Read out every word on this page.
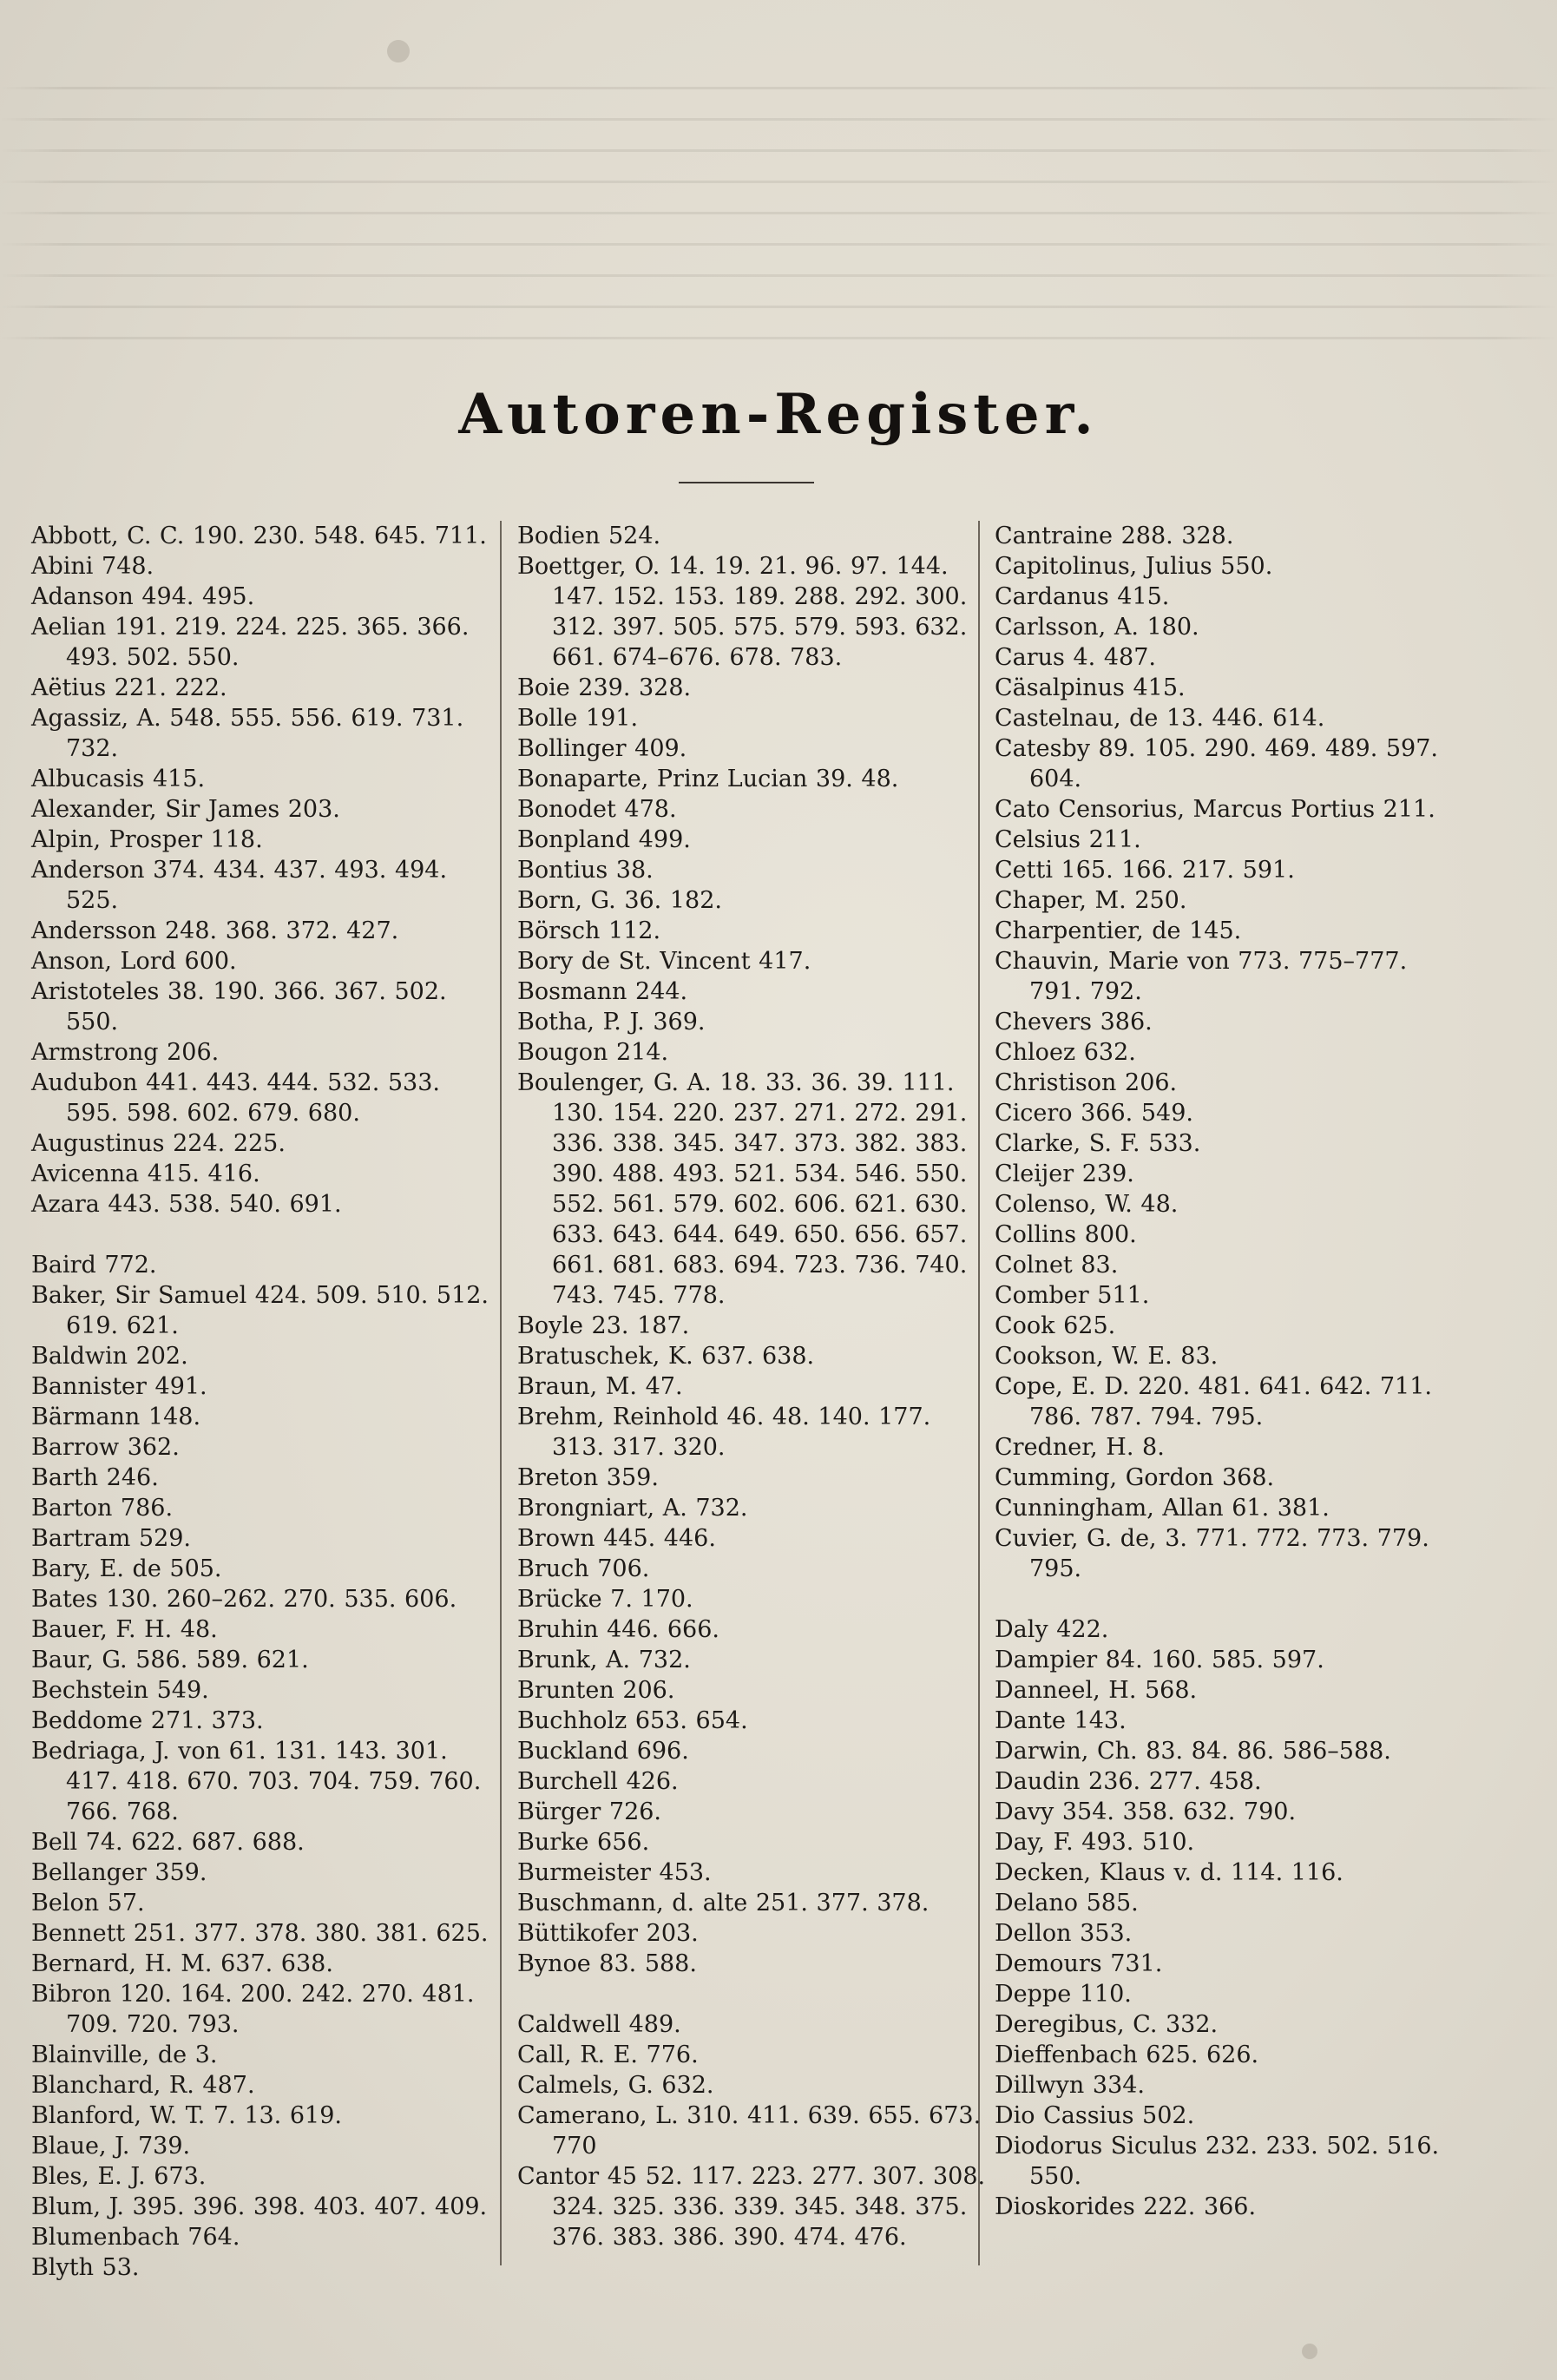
Autoren-Register.
Abbott, C. C. 190. 230. 548. 645. 711.
Abini 748.
Adanson 494. 495.
Aelian 191. 219. 224. 225. 365. 366. 493. 502. 550.
Aëtius 221. 222.
Agassiz, A. 548. 555. 556. 619. 731. 732.
Albucasis 415.
Alexander, Sir James 203.
Alpin, Prosper 118.
Anderson 374. 434. 437. 493. 494. 525.
Andersson 248. 368. 372. 427.
Anson, Lord 600.
Aristoteles 38. 190. 366. 367. 502. 550.
Armstrong 206.
Audubon 441. 443. 444. 532. 533. 595. 598. 602. 679. 680.
Augustinus 224. 225.
Avicenna 415. 416.
Azara 443. 538. 540. 691.
Baird 772.
Baker, Sir Samuel 424. 509. 510. 512. 619. 621.
Baldwin 202.
Bannister 491.
Bärmann 148.
Barrow 362.
Barth 246.
Barton 786.
Bartram 529.
Bary, E. de 505.
Bates 130. 260–262. 270. 535. 606.
Bauer, F. H. 48.
Baur, G. 586. 589. 621.
Bechstein 549.
Beddome 271. 373.
Bedriaga, J. von 61. 131. 143. 301. 417. 418. 670. 703. 704. 759. 760. 766. 768.
Bell 74. 622. 687. 688.
Bellanger 359.
Belon 57.
Bennett 251. 377. 378. 380. 381. 625.
Bernard, H. M. 637. 638.
Bibron 120. 164. 200. 242. 270. 481. 709. 720. 793.
Blainville, de 3.
Blanchard, R. 487.
Blanford, W. T. 7. 13. 619.
Blaue, J. 739.
Bles, E. J. 673.
Blum, J. 395. 396. 398. 403. 407. 409.
Blumenbach 764.
Blyth 53.
Bodien 524.
Boettger, O. 14. 19. 21. 96. 97. 144. 147. 152. 153. 189. 288. 292. 300. 312. 397. 505. 575. 579. 593. 632. 661. 674–676. 678. 783.
Boie 239. 328.
Bolle 191.
Bollinger 409.
Bonaparte, Prinz Lucian 39. 48.
Bonodet 478.
Bonpland 499.
Bontius 38.
Born, G. 36. 182.
Börsch 112.
Bory de St. Vincent 417.
Bosmann 244.
Botha, P. J. 369.
Bougon 214.
Boulenger, G. A. 18. 33. 36. 39. 111. 130. 154. 220. 237. 271. 272. 291. 336. 338. 345. 347. 373. 382. 383. 390. 488. 493. 521. 534. 546. 550. 552. 561. 579. 602. 606. 621. 630. 633. 643. 644. 649. 650. 656. 657. 661. 681. 683. 694. 723. 736. 740. 743. 745. 778.
Boyle 23. 187.
Bratuschek, K. 637. 638.
Braun, M. 47.
Brehm, Reinhold 46. 48. 140. 177. 313. 317. 320.
Breton 359.
Brongniart, A. 732.
Brown 445. 446.
Bruch 706.
Brücke 7. 170.
Bruhin 446. 666.
Brunk, A. 732.
Brunten 206.
Buchholz 653. 654.
Buckland 696.
Burchell 426.
Bürger 726.
Burke 656.
Burmeister 453.
Buschmann, d. alte 251. 377. 378.
Büttikofer 203.
Bynoe 83. 588.
Caldwell 489.
Call, R. E. 776.
Calmels, G. 632.
Camerano, L. 310. 411. 639. 655. 673. 770
Cantor 45 52. 117. 223. 277. 307. 308. 324. 325. 336. 339. 345. 348. 375. 376. 383. 386. 390. 474. 476.
Cantraine 288. 328.
Capitolinus, Julius 550.
Cardanus 415.
Carlsson, A. 180.
Carus 4. 487.
Cäsalpinus 415.
Castelnau, de 13. 446. 614.
Catesby 89. 105. 290. 469. 489. 597. 604.
Cato Censorius, Marcus Portius 211.
Celsius 211.
Cetti 165. 166. 217. 591.
Chaper, M. 250.
Charpentier, de 145.
Chauvin, Marie von 773. 775–777. 791. 792.
Chevers 386.
Chloez 632.
Christison 206.
Cicero 366. 549.
Clarke, S. F. 533.
Cleijer 239.
Colenso, W. 48.
Collins 800.
Colnet 83.
Comber 511.
Cook 625.
Cookson, W. E. 83.
Cope, E. D. 220. 481. 641. 642. 711. 786. 787. 794. 795.
Credner, H. 8.
Cumming, Gordon 368.
Cunningham, Allan 61. 381.
Cuvier, G. de, 3. 771. 772. 773. 779. 795.
Daly 422.
Dampier 84. 160. 585. 597.
Danneel, H. 568.
Dante 143.
Darwin, Ch. 83. 84. 86. 586–588.
Daudin 236. 277. 458.
Davy 354. 358. 632. 790.
Day, F. 493. 510.
Decken, Klaus v. d. 114. 116.
Delano 585.
Dellon 353.
Demours 731.
Deppe 110.
Deregibus, C. 332.
Dieffenbach 625. 626.
Dillwyn 334.
Dio Cassius 502.
Diodorus Siculus 232. 233. 502. 516. 550.
Dioskorides 222. 366.
